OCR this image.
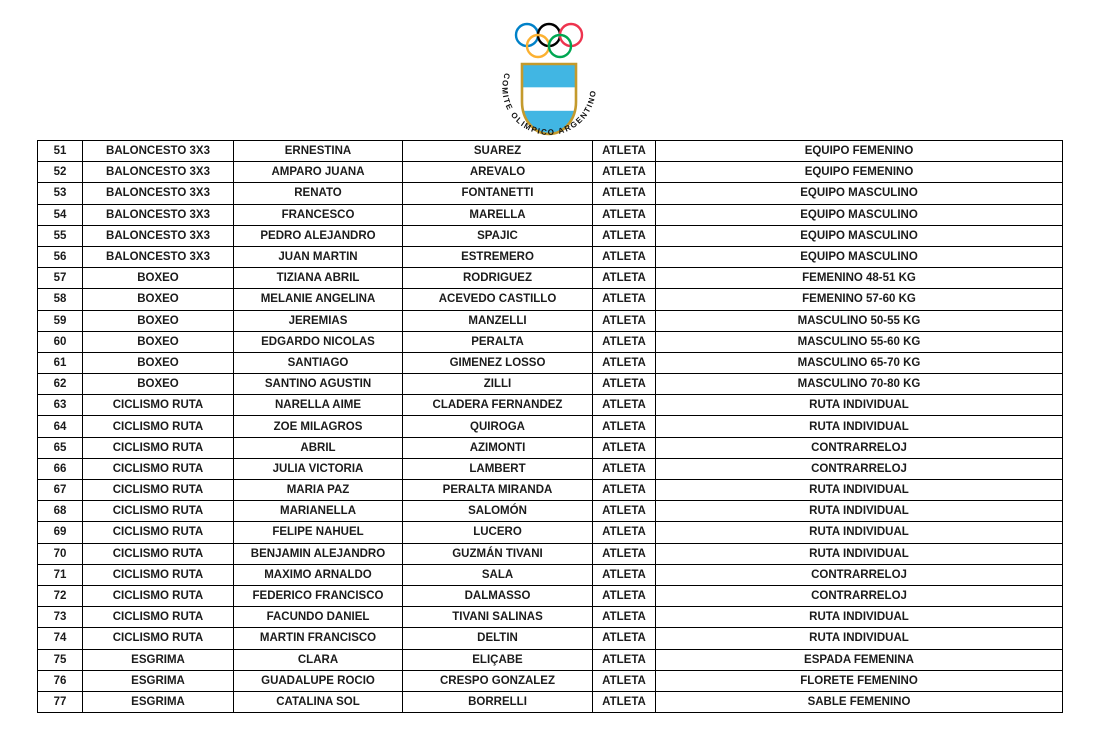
COMITE OLIMPICO ARGENTINO
51	BALONCESTO 3X3	ERNESTINA	SUAREZ	ATLETA	EQUIPO FEMENINO
52	BALONCESTO 3X3	AMPARO JUANA	AREVALO	ATLETA	EQUIPO FEMENINO
53	BALONCESTO 3X3	RENATO	FONTANETTI	ATLETA	EQUIPO MASCULINO
54	BALONCESTO 3X3	FRANCESCO	MARELLA	ATLETA	EQUIPO MASCULINO
55	BALONCESTO 3X3	PEDRO ALEJANDRO	SPAJIC	ATLETA	EQUIPO MASCULINO
56	BALONCESTO 3X3	JUAN MARTIN	ESTREMERO	ATLETA	EQUIPO MASCULINO
57	BOXEO	TIZIANA ABRIL	RODRIGUEZ	ATLETA	FEMENINO 48-51 KG
58	BOXEO	MELANIE ANGELINA	ACEVEDO CASTILLO	ATLETA	FEMENINO 57-60 KG
59	BOXEO	JEREMIAS	MANZELLI	ATLETA	MASCULINO 50-55 KG
60	BOXEO	EDGARDO NICOLAS	PERALTA	ATLETA	MASCULINO 55-60 KG
61	BOXEO	SANTIAGO	GIMENEZ LOSSO	ATLETA	MASCULINO 65-70 KG
62	BOXEO	SANTINO AGUSTIN	ZILLI	ATLETA	MASCULINO 70-80 KG
63	CICLISMO RUTA	NARELLA AIME	CLADERA FERNANDEZ	ATLETA	RUTA INDIVIDUAL
64	CICLISMO RUTA	ZOE MILAGROS	QUIROGA	ATLETA	RUTA INDIVIDUAL
65	CICLISMO RUTA	ABRIL	AZIMONTI	ATLETA	CONTRARRELOJ
66	CICLISMO RUTA	JULIA VICTORIA	LAMBERT	ATLETA	CONTRARRELOJ
67	CICLISMO RUTA	MARIA PAZ	PERALTA MIRANDA	ATLETA	RUTA INDIVIDUAL
68	CICLISMO RUTA	MARIANELLA	SALOMÓN	ATLETA	RUTA INDIVIDUAL
69	CICLISMO RUTA	FELIPE NAHUEL	LUCERO	ATLETA	RUTA INDIVIDUAL
70	CICLISMO RUTA	BENJAMIN ALEJANDRO	GUZMÁN TIVANI	ATLETA	RUTA INDIVIDUAL
71	CICLISMO RUTA	MAXIMO ARNALDO	SALA	ATLETA	CONTRARRELOJ
72	CICLISMO RUTA	FEDERICO FRANCISCO	DALMASSO	ATLETA	CONTRARRELOJ
73	CICLISMO RUTA	FACUNDO DANIEL	TIVANI SALINAS	ATLETA	RUTA INDIVIDUAL
74	CICLISMO RUTA	MARTIN FRANCISCO	DELTIN	ATLETA	RUTA INDIVIDUAL
75	ESGRIMA	CLARA	ELIÇABE	ATLETA	ESPADA FEMENINA
76	ESGRIMA	GUADALUPE ROCIO	CRESPO GONZALEZ	ATLETA	FLORETE FEMENINO
77	ESGRIMA	CATALINA SOL	BORRELLI	ATLETA	SABLE FEMENINO
